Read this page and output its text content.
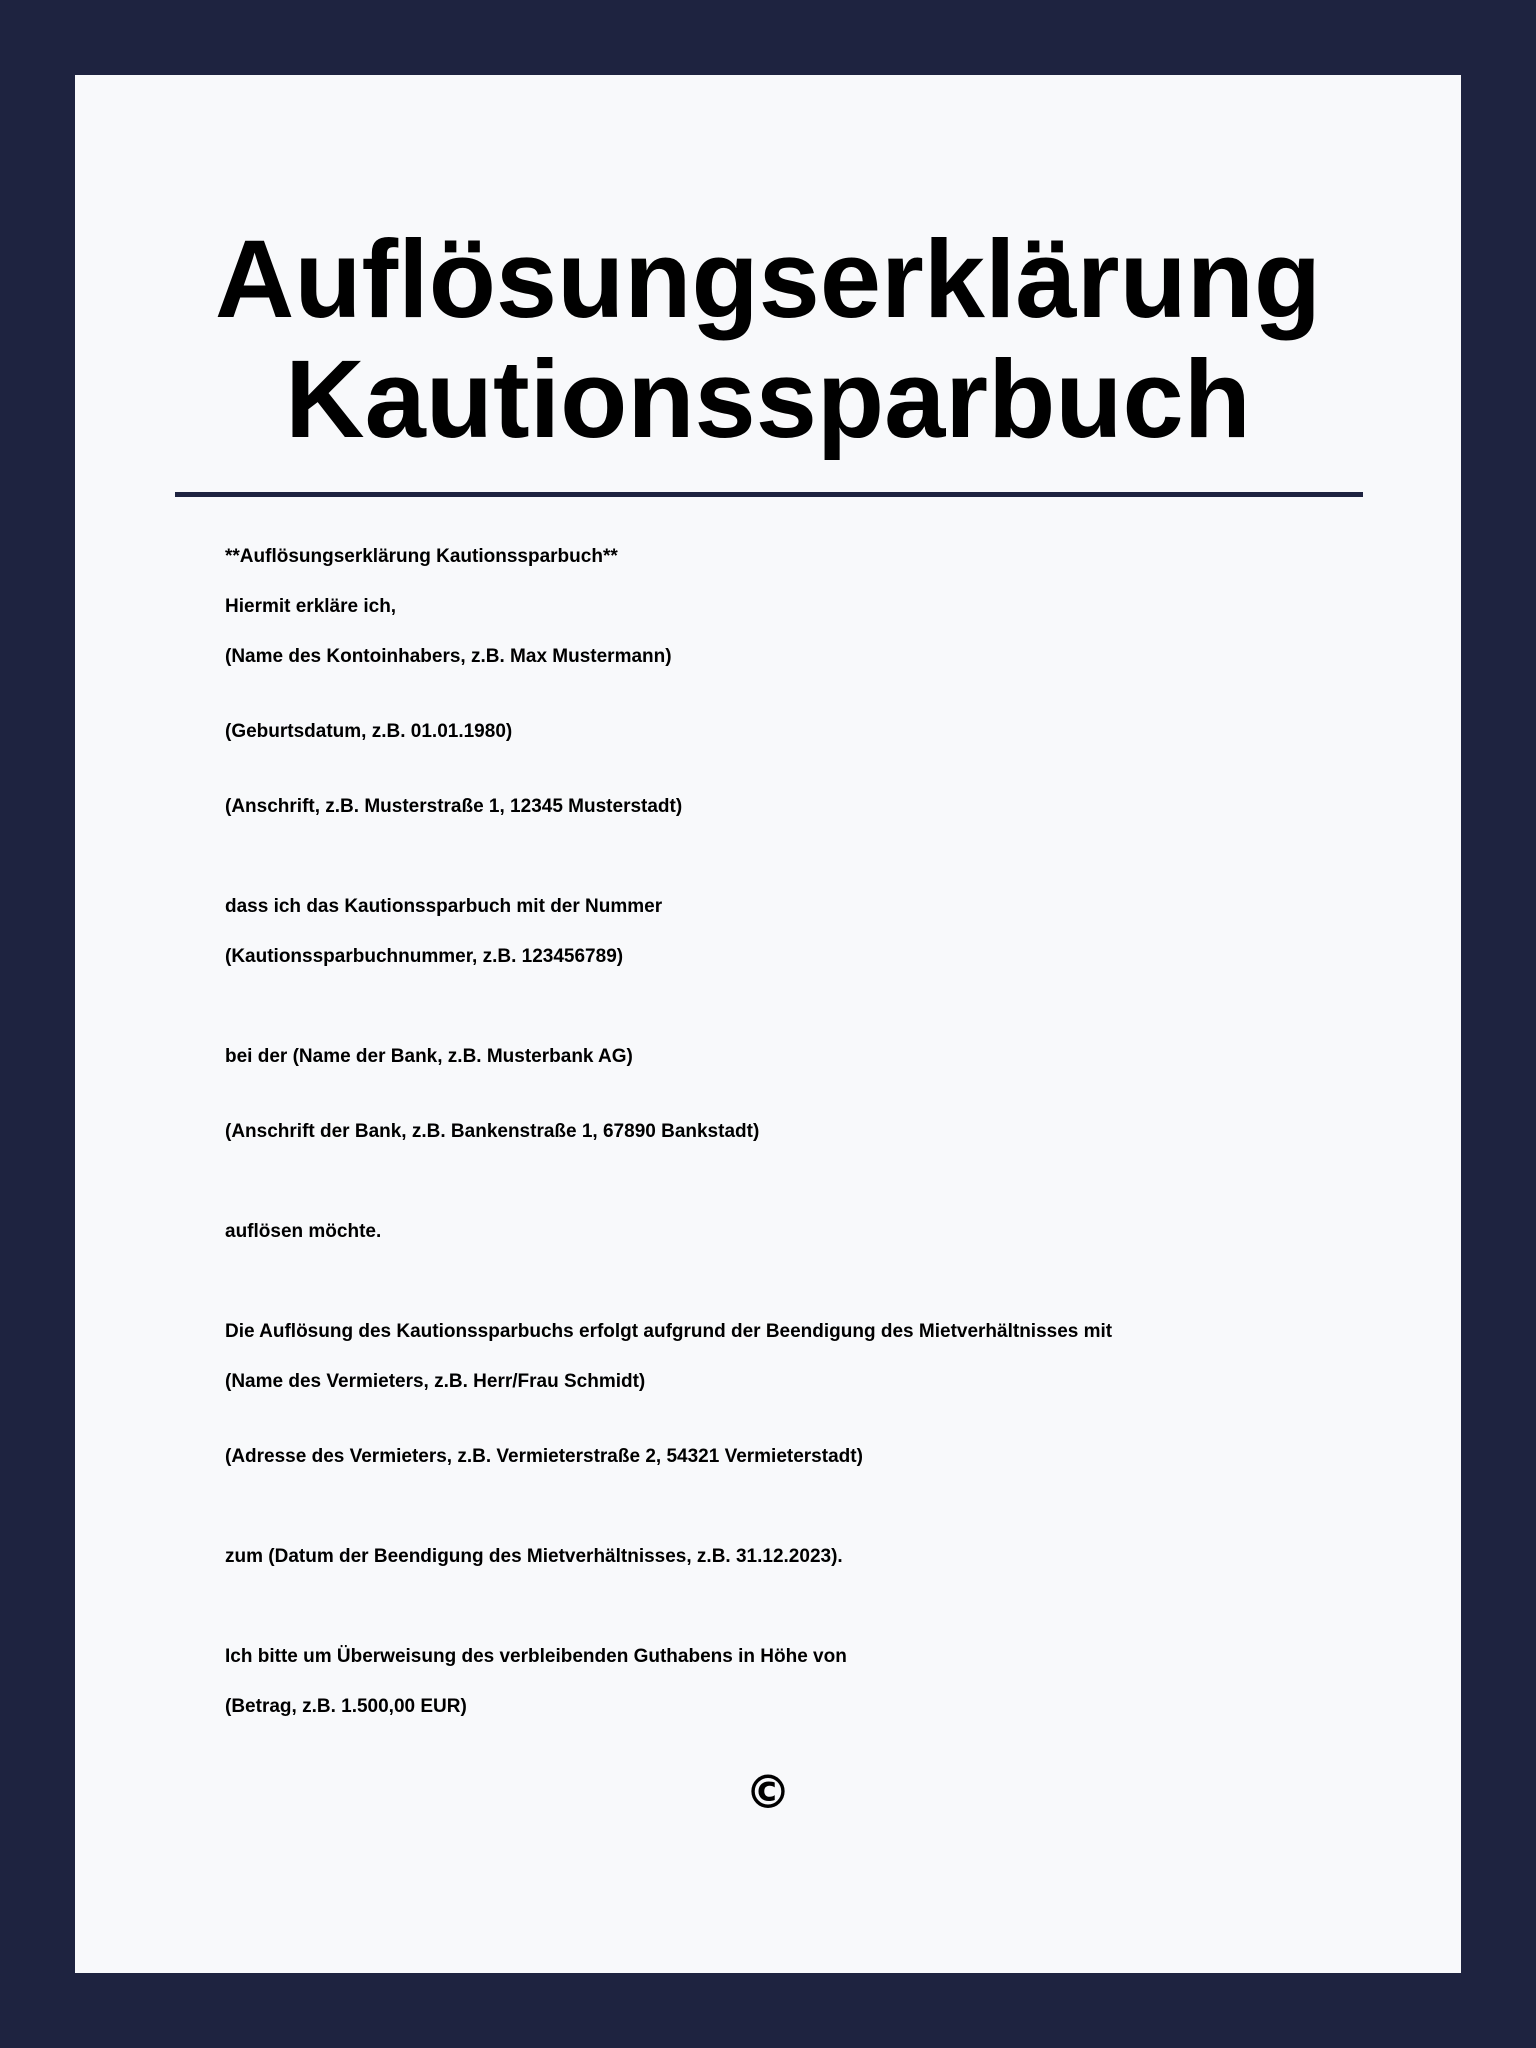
Auflösungserklärung
Kautionssparbuch

**Auflösungserklärung Kautionssparbuch**

Hiermit erkläre ich,

(Name des Kontoinhabers, z.B. Max Mustermann)

(Geburtsdatum, z.B. 01.01.1980)

(Anschrift, z.B. Musterstraße 1, 12345 Musterstadt)

dass ich das Kautionssparbuch mit der Nummer

(Kautionssparbuchnummer, z.B. 123456789)

bei der (Name der Bank, z.B. Musterbank AG)

(Anschrift der Bank, z.B. Bankenstraße 1, 67890 Bankstadt)

auflösen möchte.

Die Auflösung des Kautionssparbuchs erfolgt aufgrund der Beendigung des Mietverhältnisses mit

(Name des Vermieters, z.B. Herr/Frau Schmidt)

(Adresse des Vermieters, z.B. Vermieterstraße 2, 54321 Vermieterstadt)

zum (Datum der Beendigung des Mietverhältnisses, z.B. 31.12.2023).

Ich bitte um Überweisung des verbleibenden Guthabens in Höhe von

(Betrag, z.B. 1.500,00 EUR)

©
